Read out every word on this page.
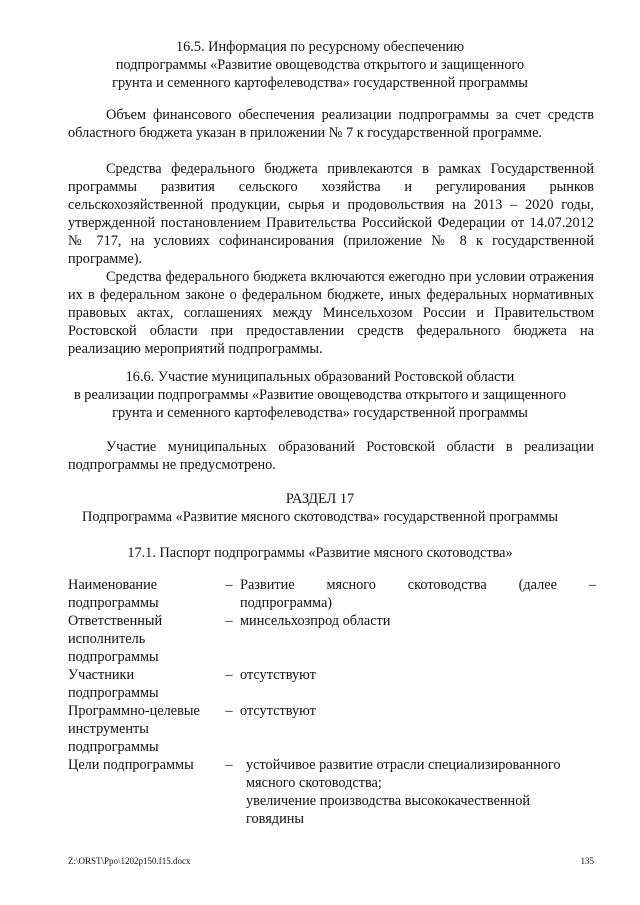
16.5. Информация по ресурсному обеспечению
подпрограммы «Развитие овощеводства открытого и защищенного
грунта и семенного картофелеводства» государственной программы

Объем финансового обеспечения реализации подпрограммы за счет средств областного бюджета указан в приложении № 7 к государственной программе.

Средства федерального бюджета привлекаются в рамках Государственной программы развития сельского хозяйства и регулирования рынков сельскохозяйственной продукции, сырья и продовольствия на 2013 – 2020 годы, утвержденной постановлением Правительства Российской Федерации от 14.07.2012 № 717, на условиях софинансирования (приложение № 8 к государственной программе).

Средства федерального бюджета включаются ежегодно при условии отражения их в федеральном законе о федеральном бюджете, иных федеральных нормативных правовых актах, соглашениях между Минсельхозом России и Правительством Ростовской области при предоставлении средств федерального бюджета на реализацию мероприятий подпрограммы.

16.6. Участие муниципальных образований Ростовской области
в реализации подпрограммы «Развитие овощеводства открытого и защищенного
грунта и семенного картофелеводства» государственной программы

Участие муниципальных образований Ростовской области в реализации подпрограммы не предусмотрено.

РАЗДЕЛ 17
Подпрограмма «Развитие мясного скотоводства» государственной программы
17.1. Паспорт подпрограммы «Развитие мясного скотоводства»
Наименование
подпрограммы
– Развитие мясного скотоводства (далее –
подпрограмма)
Ответственный
исполнитель
подпрограммы
– минсельхозпрод области
Участники
подпрограммы
– отсутствуют
Программно-целевые
инструменты
подпрограммы
– отсутствуют
Цели подпрограммы	– устойчивое развитие отрасли специализированного
мясного скотоводства;
увеличение производства высококачественной
говядины
Z:\ORST\Ppo\1202p150.f15.docx	135
